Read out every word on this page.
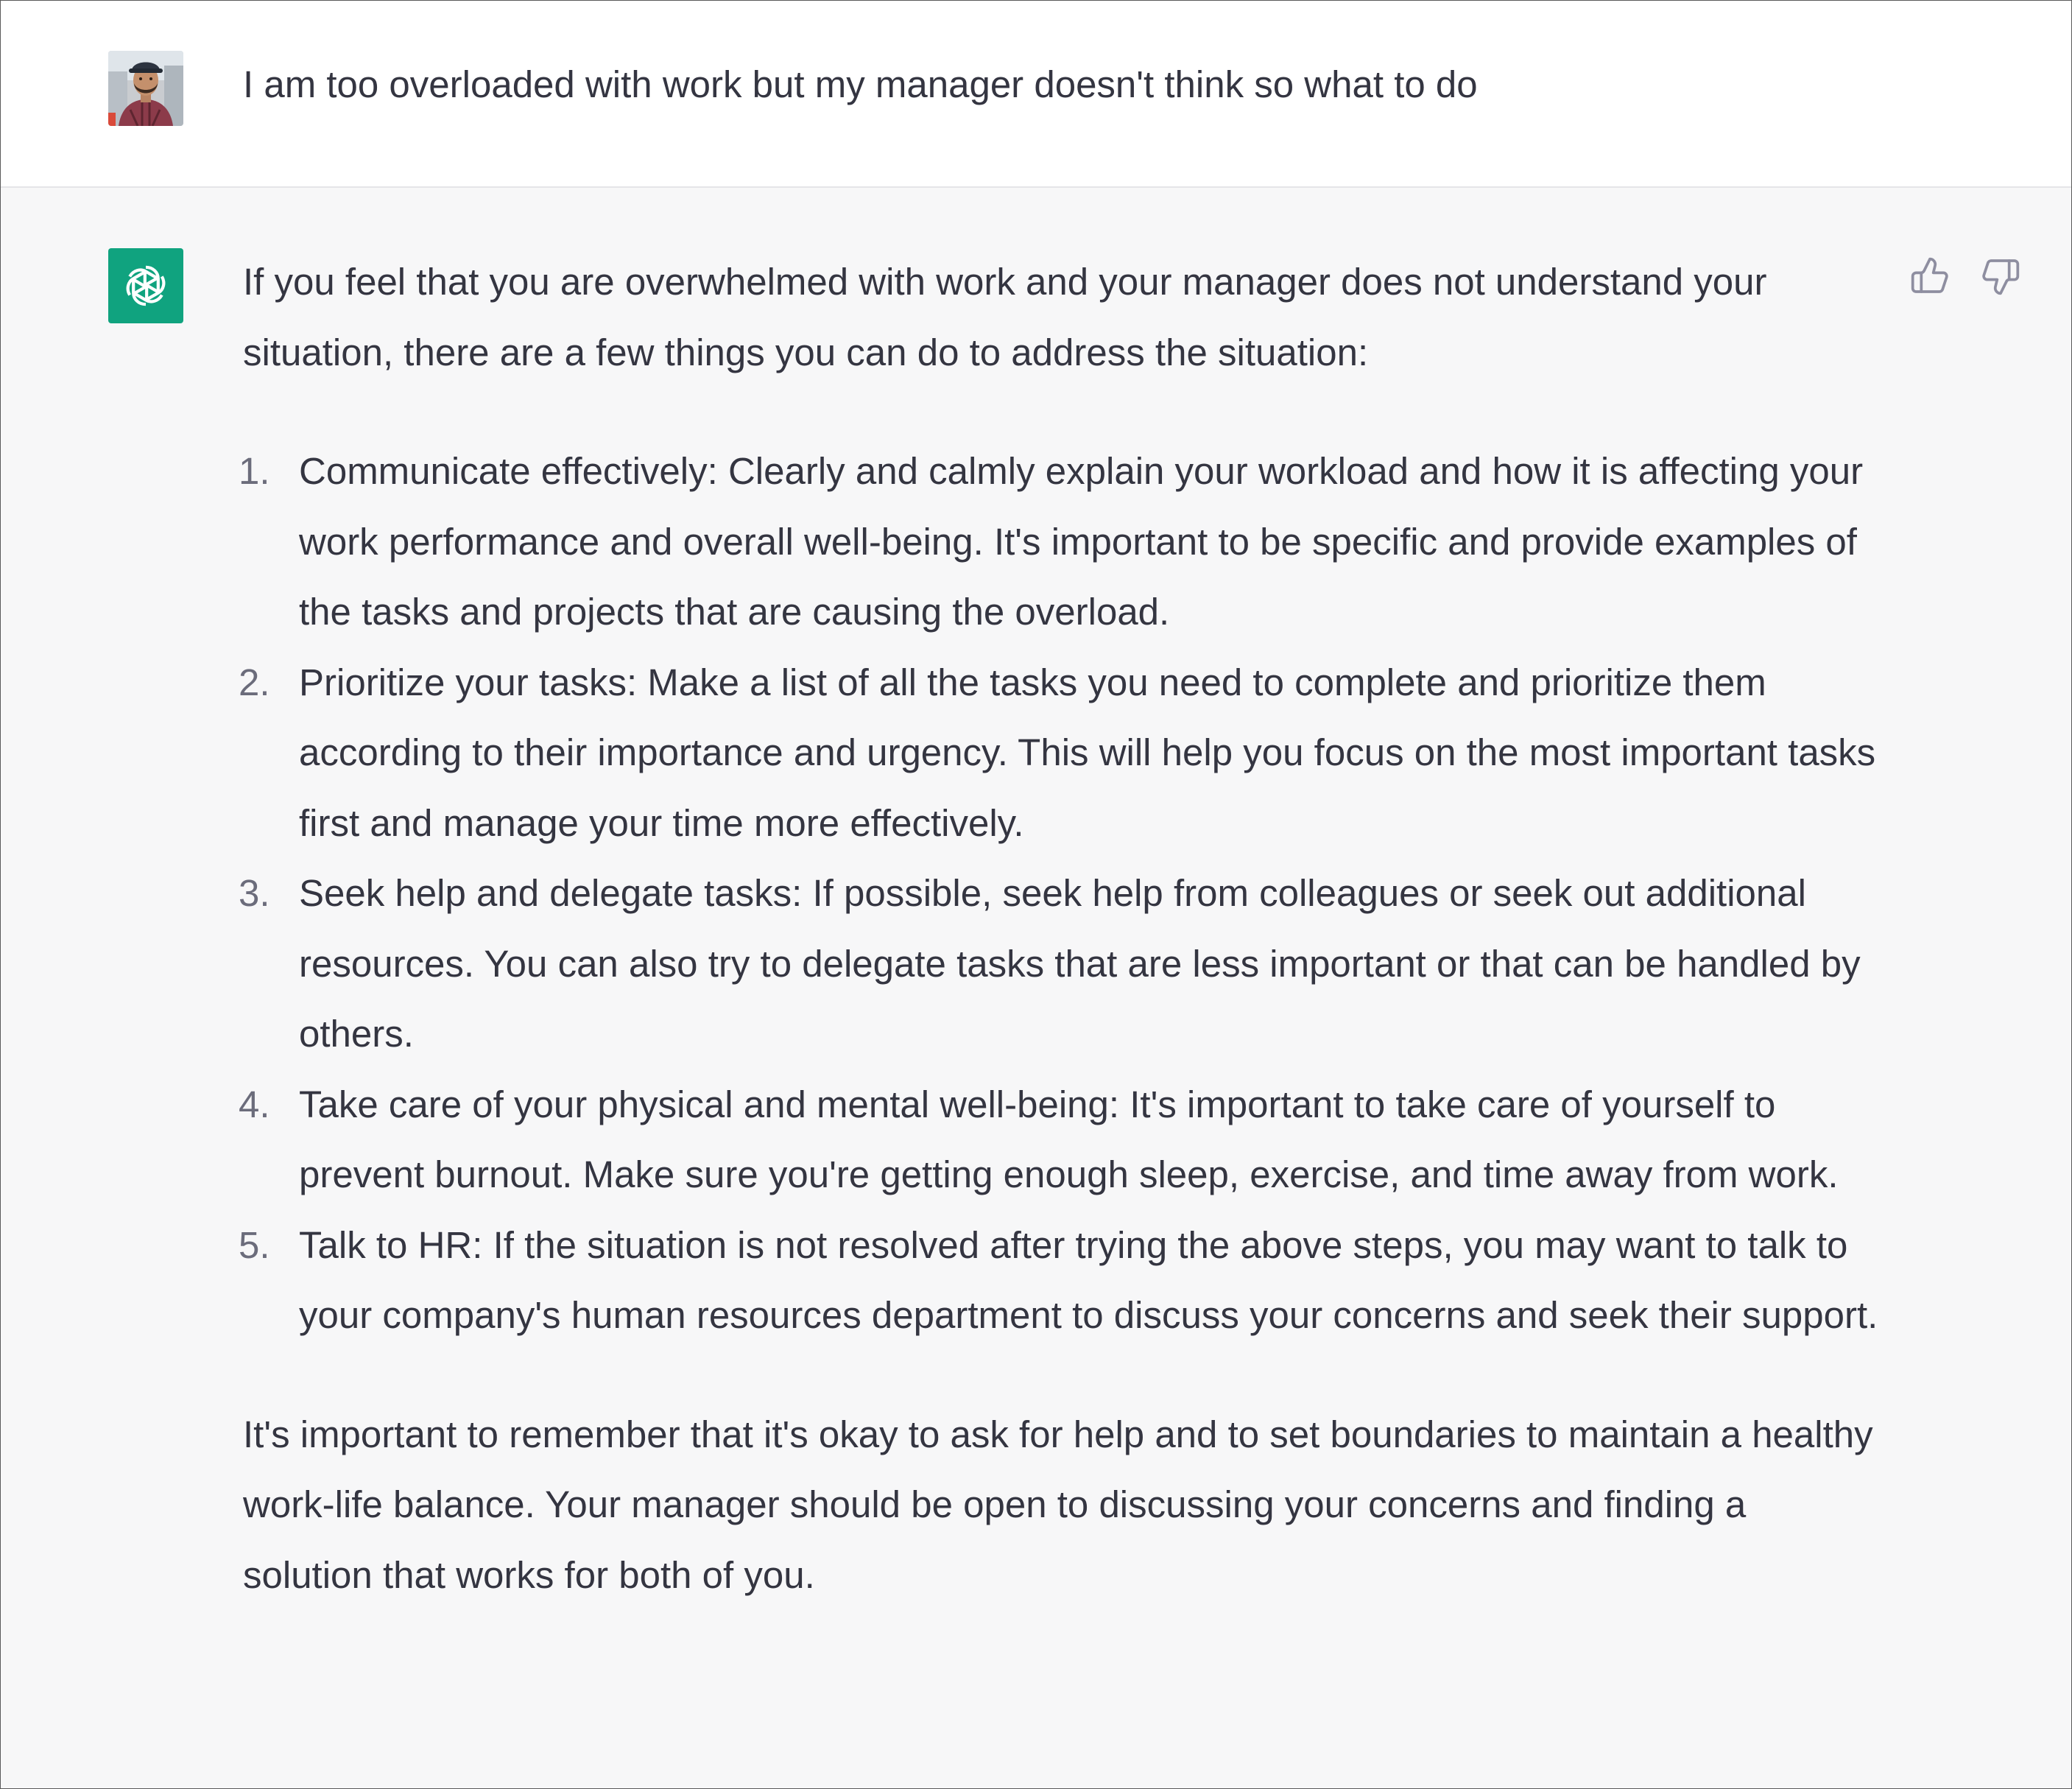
I am too overloaded with work but my manager doesn't think so what to do

If you feel that you are overwhelmed with work and your manager does not understand your situation, there are a few things you can do to address the situation:

1. Communicate effectively: Clearly and calmly explain your workload and how it is affecting your work performance and overall well-being. It's important to be specific and provide examples of the tasks and projects that are causing the overload.
2. Prioritize your tasks: Make a list of all the tasks you need to complete and prioritize them according to their importance and urgency. This will help you focus on the most important tasks first and manage your time more effectively.
3. Seek help and delegate tasks: If possible, seek help from colleagues or seek out additional resources. You can also try to delegate tasks that are less important or that can be handled by others.
4. Take care of your physical and mental well-being: It's important to take care of yourself to prevent burnout. Make sure you're getting enough sleep, exercise, and time away from work.
5. Talk to HR: If the situation is not resolved after trying the above steps, you may want to talk to your company's human resources department to discuss your concerns and seek their support.

It's important to remember that it's okay to ask for help and to set boundaries to maintain a healthy work-life balance. Your manager should be open to discussing your concerns and finding a solution that works for both of you.
